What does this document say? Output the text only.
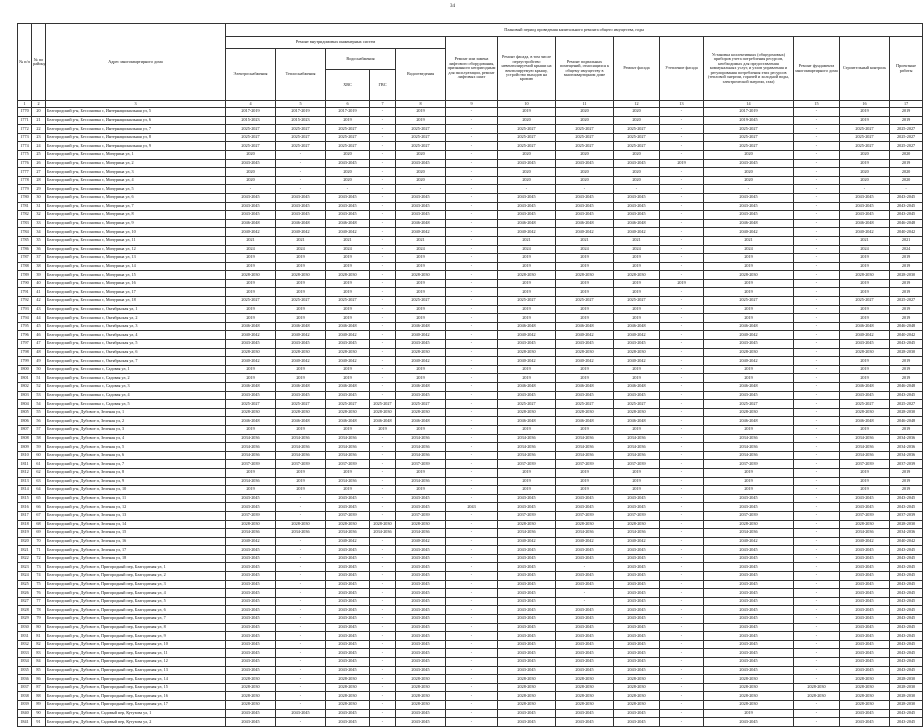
34
№ п/п	№ по району	Адрес многоквартирного дома	Плановый период проведения капитального ремонта общего имущества, годы													
			Ремонт внутридомовых инженерных систем					Ремонт или замена лифтового оборудования, признанного непригодным для эксплуатации, ремонт лифтовых шахт	Ремонт фасада, в том числе переустройство невентилируемой крыши на вентилируемую крышу, устройство выходов на кровлю	Ремонт подвальных помещений, относящихся к общему имуществу в многоквартирном доме	Ремонт фасада	Утепление фасада	Установка коллективных (общедомовых) приборов учета потребления ресурсов, необходимых для предоставления коммунальных услуг, и узлов управления и регулирования потребления этих ресурсов (тепловой энергии, горячей и холодной воды, электрической энергии, газа)	Ремонт фундамента многоквартирного дома	Строительный контроль	Проектные работы
			Электроснабжения	Теплоснабжения	Водоснабжения		Водоотведения									
					ХВС	ГВС										
1	2	3	4	5	6	7	8	9	10	11	12	13	14	15	16	17
1770	20	Белгородский р-н, Бессоновка с, Интернациональная ул, 5	2017-2019	2017-2019	2017-2019	-	2019	-	2019	2020	2020	-	2017-2019	-	2019	2019
1771	21	Белгородский р-н, Бессоновка с, Интернациональная ул, 6	2015-2023	2015-2023	2019	-	2019	-	2020	2020	2020	-	2019-2045	-	2019	2019
1772	22	Белгородский р-н, Бессоновка с, Интернациональная ул, 7	2025-2027	2025-2027	2025-2027	-	2025-2027	-	2025-2027	2025-2027	2025-2027	-	2025-2027	-	2025-2027	2025-2027
1773	23	Белгородский р-н, Бессоновка с, Интернациональная ул, 8	2025-2027	2025-2027	2025-2027	-	2025-2027	-	2025-2027	2025-2027	2025-2027	-	2025-2027	-	2025-2027	2025-2027
1774	24	Белгородский р-н, Бессоновка с, Интернациональная ул, 9	2025-2027	2025-2027	2025-2027	-	2025-2027	-	2025-2027	2025-2027	2025-2027	-	2025-2027	-	2025-2027	2025-2027
1775	25	Белгородский р-н, Бессоновка с, Мичурина ул, 1	2020	-	2020	-	2020	-	2020	2020	2020	-	2020	-	2020	2020
1776	26	Белгородский р-н, Бессоновка с, Мичурина ул, 2	2043-2045	-	2043-2045	-	2043-2045	-	2043-2045	2043-2045	2043-2045	2019	2043-2045	-	2019	2019
1777	27	Белгородский р-н, Бессоновка с, Мичурина ул, 3	2020	-	2020	-	2020	-	2020	2020	2020	-	2020	-	2020	2020
1778	28	Белгородский р-н, Бессоновка с, Мичурина ул, 4	2020	-	2020	-	2020	-	2020	2020	2020	-	2020	-	2020	2020
1779	29	Белгородский р-н, Бессоновка с, Мичурина ул, 5	-	-	-	-	-	-	-	-	-	-	-	-	-	-
1780	30	Белгородский р-н, Бессоновка с, Мичурина ул, 6	2043-2045	2043-2045	2043-2045	-	2043-2045	-	2043-2045	2043-2045	2043-2045	-	2043-2045	-	2043-2045	2043-2045
1781	31	Белгородский р-н, Бессоновка с, Мичурина ул, 7	2043-2045	2043-2045	2043-2045	-	2043-2045	-	2043-2045	2043-2045	2043-2045	-	2043-2045	-	2043-2045	2043-2045
1782	32	Белгородский р-н, Бессоновка с, Мичурина ул, 8	2043-2045	2043-2045	2043-2045	-	2043-2045	-	2043-2045	2043-2045	2043-2045	-	2043-2045	-	2043-2045	2043-2045
1783	33	Белгородский р-н, Бессоновка с, Мичурина ул, 9	2046-2048	2046-2048	2046-2048	-	2046-2048	-	2046-2048	2046-2048	2046-2048	-	2046-2048	-	2046-2048	2046-2048
1784	34	Белгородский р-н, Бессоновка с, Мичурина ул, 10	2040-2042	2040-2042	2040-2042	-	2040-2042	-	2040-2042	2040-2042	2040-2042	-	2040-2042	-	2040-2042	2040-2042
1785	35	Белгородский р-н, Бессоновка с, Мичурина ул, 11	2021	2021	2021	-	2021	-	2021	2021	2021	-	2021	-	2021	2021
1786	36	Белгородский р-н, Бессоновка с, Мичурина ул, 12	2024	2024	2024	-	2024	-	2024	2024	2024	-	2024	-	2024	2024
1787	37	Белгородский р-н, Бессоновка с, Мичурина ул, 13	2019	2019	2019	-	2019	-	2019	2019	2019	-	2019	-	2019	2019
1788	38	Белгородский р-н, Бессоновка с, Мичурина ул, 14	2019	2019	2019	-	2019	-	2019	2019	2019	-	2019	-	2019	2019
1789	39	Белгородский р-н, Бессоновка с, Мичурина ул, 15	2028-2030	2028-2030	2028-2030	-	2028-2030	-	2028-2030	2028-2030	2028-2030	-	2028-2030	-	2028-2030	2028-2030
1790	40	Белгородский р-н, Бессоновка с, Мичурина ул, 16	2019	2019	2019	-	2019	-	2019	2019	2019	2019	2019	-	2019	2019
1791	41	Белгородский р-н, Бессоновка с, Мичурина ул, 17	2019	2019	2019	-	2019	-	2019	2019	2019	-	2019	-	2019	2019
1792	42	Белгородский р-н, Бессоновка с, Мичурина ул, 18	2025-2027	2025-2027	2025-2027	-	2025-2027	-	2025-2027	2025-2027	2025-2027	-	2025-2027	-	2025-2027	2025-2027
1793	43	Белгородский р-н, Бессоновка с, Октябрьская ул, 1	2019	2019	2019	-	2019	-	2019	2019	2019	-	2019	-	2019	2019
1794	44	Белгородский р-н, Бессоновка с, Октябрьская ул, 2	2019	2019	2019	-	2019	-	2019	2019	2019	-	2019	-	2019	2019
1795	45	Белгородский р-н, Бессоновка с, Октябрьская ул, 3	2046-2048	2046-2048	2046-2048	-	2046-2048	-	2046-2048	2046-2048	2046-2048	-	2046-2048	-	2046-2048	2046-2048
1796	46	Белгородский р-н, Бессоновка с, Октябрьская ул, 4	2040-2042	2040-2042	2040-2042	-	2040-2042	-	2040-2042	2040-2042	2040-2042	-	2040-2042	-	2040-2042	2040-2042
1797	47	Белгородский р-н, Бессоновка с, Октябрьская ул, 5	2043-2045	2043-2045	2043-2045	-	2043-2045	-	2043-2045	2043-2045	2043-2045	-	2043-2045	-	2043-2045	2043-2045
1798	48	Белгородский р-н, Бессоновка с, Октябрьская ул, 6	2028-2030	2028-2030	2028-2030	-	2028-2030	-	2028-2030	2028-2030	2028-2030	-	2028-2030	-	2028-2030	2028-2030
1799	49	Белгородский р-н, Бессоновка с, Октябрьская ул, 7	2040-2042	2040-2042	2040-2042	-	2040-2042	-	2040-2042	2040-2042	2040-2042	-	2040-2042	-	2019	2019
1800	50	Белгородский р-н, Бессоновка с, Садовая ул, 1	2019	2019	2019	-	2019	-	2019	2019	2019	-	2019	-	2019	2019
1801	51	Белгородский р-н, Бессоновка с, Садовая ул, 2	2019	2019	2019	-	2019	-	2019	2019	2019	-	2019	-	2019	2019
1802	52	Белгородский р-н, Бессоновка с, Садовая ул, 3	2046-2048	2046-2048	2046-2048	-	2046-2048	-	2046-2048	2046-2048	2046-2048	-	2046-2048	-	2046-2048	2046-2048
1803	53	Белгородский р-н, Бессоновка с, Садовая ул, 4	2043-2045	2043-2045	2043-2045	-	2043-2045	-	2043-2045	2043-2045	2043-2045	-	2043-2045	-	2043-2045	2043-2045
1804	54	Белгородский р-н, Бессоновка с, Садовая ул, 5	2025-2027	2025-2027	2025-2027	2025-2027	2025-2027	-	2025-2027	2025-2027	2025-2027	-	2025-2027	-	2025-2027	2025-2027
1805	55	Белгородский р-н, Дубовое п, Зеленая ул, 1	2028-2030	2028-2030	2028-2030	2028-2030	2028-2030	-	2028-2030	2028-2030	2028-2030	-	2028-2030	-	2028-2030	2028-2030
1806	56	Белгородский р-н, Дубовое п, Зеленая ул, 2	2046-2048	2046-2048	2046-2048	2046-2048	2046-2048	-	2046-2048	2046-2048	2046-2048	-	2046-2048	-	2046-2048	2046-2048
1807	57	Белгородский р-н, Дубовое п, Зеленая ул, 3	2019	2019	2019	2019	2019	-	2019	2019	2019	-	2019	-	2019	2019
1808	58	Белгородский р-н, Дубовое п, Зеленая ул, 4	2034-2036	2034-2036	2034-2036	-	2034-2036	-	2034-2036	2034-2036	2034-2036	-	2034-2036	-	2034-2036	2034-2036
1809	59	Белгородский р-н, Дубовое п, Зеленая ул, 5	2034-2036	2034-2036	2034-2036	-	2034-2036	-	2034-2036	2034-2036	2034-2036	-	2034-2036	-	2034-2036	2034-2036
1810	60	Белгородский р-н, Дубовое п, Зеленая ул, 6	2034-2036	2034-2036	2034-2036	-	2034-2036	-	2034-2036	2034-2036	2034-2036	-	2034-2036	-	2034-2036	2034-2036
1811	61	Белгородский р-н, Дубовое п, Зеленая ул, 7	2037-2039	2037-2039	2037-2039	-	2037-2039	-	2037-2039	2037-2039	2037-2039	-	2037-2039	-	2037-2039	2037-2039
1812	62	Белгородский р-н, Дубовое п, Зеленая ул, 8	2019	2019	2019	-	2019	-	2019	2019	2019	-	2019	-	2019	2019
1813	63	Белгородский р-н, Дубовое п, Зеленая ул, 9	2034-2036	2019	2034-2036	-	2034-2036	-	2019	2019	2019	-	2019	-	2019	2019
1814	64	Белгородский р-н, Дубовое п, Зеленая ул, 10	2019	2019	2019	-	2019	-	2019	2019	2019	-	2019	-	2019	2019
1815	65	Белгородский р-н, Дубовое п, Зеленая ул, 11	2043-2045	-	2043-2045	-	2043-2045	-	2043-2045	2043-2045	2043-2045	-	2043-2045	-	2043-2045	2043-2045
1816	66	Белгородский р-н, Дубовое п, Зеленая ул, 12	2043-2045	-	2043-2045	-	2043-2045	2043	2043-2045	2043-2045	2043-2045	-	2043-2045	-	2043-2045	2043-2045
1817	67	Белгородский р-н, Дубовое п, Зеленая ул, 13	2037-2039	-	2037-2039	-	2037-2039	-	2037-2039	2037-2039	2037-2039	-	2037-2039	-	2037-2039	2037-2039
1818	68	Белгородский р-н, Дубовое п, Зеленая ул, 14	2028-2030	2028-2030	2028-2030	2028-2030	2028-2030	-	2028-2030	2028-2030	2028-2030	-	2028-2030	-	2028-2030	2028-2030
1819	69	Белгородский р-н, Дубовое п, Зеленая ул, 15	2034-2036	2034-2036	2034-2036	2034-2036	2034-2036	-	2034-2036	2034-2036	2034-2036	-	2034-2036	-	2034-2036	2034-2036
1820	70	Белгородский р-н, Дубовое п, Зеленая ул, 16	2040-2042	-	2040-2042	-	2040-2042	-	2040-2042	2040-2042	2040-2042	-	2040-2042	-	2040-2042	2040-2042
1821	71	Белгородский р-н, Дубовое п, Зеленая ул, 17	2043-2045	-	2043-2045	-	2043-2045	-	2043-2045	2043-2045	2043-2045	-	2043-2045	-	2043-2045	2043-2045
1822	72	Белгородский р-н, Дубовое п, Зеленая ул, 18	2043-2045	-	2043-2045	-	2043-2045	-	2043-2045	2043-2045	2043-2045	-	2043-2045	-	2043-2045	2043-2045
1823	73	Белгородский р-н, Дубовое п, Пригородный пер, Благодатная ул, 1	2043-2045	-	2043-2045	-	2043-2045	-	2043-2045	-	2043-2045	-	2043-2045	-	2043-2045	2043-2045
1824	74	Белгородский р-н, Дубовое п, Пригородный пер, Благодатная ул, 2	2043-2045	-	2043-2045	-	2043-2045	-	2043-2045	2043-2045	2043-2045	-	2043-2045	-	2043-2045	2043-2045
1825	75	Белгородский р-н, Дубовое п, Пригородный пер, Благодатная ул, 3	2043-2045	-	2043-2045	-	2043-2045	-	2043-2045	2043-2045	2043-2045	-	2043-2045	-	2043-2045	2043-2045
1826	76	Белгородский р-н, Дубовое п, Пригородный пер, Благодатная ул, 4	2043-2045	-	2043-2045	-	2043-2045	-	2043-2045	-	2043-2045	-	2043-2045	-	2043-2045	2043-2045
1827	77	Белгородский р-н, Дубовое п, Пригородный пер, Благодатная ул, 5	2043-2045	-	2043-2045	-	2043-2045	-	2043-2045	-	2043-2045	-	2043-2045	-	2043-2045	2043-2045
1828	78	Белгородский р-н, Дубовое п, Пригородный пер, Благодатная ул, 6	2043-2045	-	2043-2045	-	2043-2045	-	2043-2045	2043-2045	2043-2045	-	2043-2045	-	2043-2045	2043-2045
1829	79	Белгородский р-н, Дубовое п, Пригородный пер, Благодатная ул, 7	2043-2045	-	2043-2045	-	2043-2045	-	2043-2045	2043-2045	2043-2045	-	2043-2045	-	2043-2045	2043-2045
1830	80	Белгородский р-н, Дубовое п, Пригородный пер, Благодатная ул, 8	2043-2045	-	2043-2045	-	2043-2045	-	2043-2045	2043-2045	2043-2045	-	2043-2045	-	2043-2045	2043-2045
1831	81	Белгородский р-н, Дубовое п, Пригородный пер, Благодатная ул, 9	2043-2045	-	2043-2045	-	2043-2045	-	2043-2045	2043-2045	2043-2045	-	2043-2045	-	2043-2045	2043-2045
1832	82	Белгородский р-н, Дубовое п, Пригородный пер, Благодатная ул, 10	2043-2045	-	2043-2045	-	2043-2045	-	2043-2045	2043-2045	2043-2045	-	2043-2045	-	2043-2045	2043-2045
1833	83	Белгородский р-н, Дубовое п, Пригородный пер, Благодатная ул, 11	2043-2045	-	2043-2045	-	2043-2045	-	2043-2045	2043-2045	2043-2045	-	2043-2045	-	2043-2045	2043-2045
1834	84	Белгородский р-н, Дубовое п, Пригородный пер, Благодатная ул, 12	2043-2045	-	2043-2045	-	2043-2045	-	2043-2045	2043-2045	2043-2045	-	2043-2045	-	2043-2045	2043-2045
1835	85	Белгородский р-н, Дубовое п, Пригородный пер, Благодатная ул, 13	2043-2045	-	2043-2045	-	2043-2045	-	2043-2045	2043-2045	2043-2045	-	2043-2045	-	2043-2045	2043-2045
1836	86	Белгородский р-н, Дубовое п, Пригородный пер, Благодатная ул, 14	2028-2030	-	2028-2030	-	2028-2030	-	2028-2030	2028-2030	2028-2030	-	2028-2030	-	2028-2030	2028-2030
1837	87	Белгородский р-н, Дубовое п, Пригородный пер, Благодатная ул, 15	2028-2030	-	2028-2030	-	2028-2030	-	2028-2030	2028-2030	2028-2030	-	2028-2030	2028-2030	2028-2030	2028-2030
1838	88	Белгородский р-н, Дубовое п, Пригородный пер, Благодатная ул, 16	2028-2030	-	2028-2030	-	2028-2030	-	2028-2030	2028-2030	2028-2030	-	2028-2030	2028-2030	2028-2030	2028-2030
1839	89	Белгородский р-н, Дубовое п, Пригородный пер, Благодатная ул, 17	2028-2030	-	2028-2030	-	2028-2030	-	2028-2030	2028-2030	2028-2030	-	2028-2030	-	2028-2030	2028-2030
1840	90	Белгородский р-н, Дубовое п, Садовый пер, Кутузова ул, 1	2043-2045	2043-2045	2043-2045	-	2043-2045	-	2043-2045	2043-2045	2043-2045	-	2019	-	2043-2045	2043-2045
1841	91	Белгородский р-н, Дубовое п, Садовый пер, Кутузова ул, 2	2043-2045	-	2043-2045	-	2043-2045	-	2043-2045	2043-2045	2043-2045	-	2043-2045	-	2043-2045	2043-2045
